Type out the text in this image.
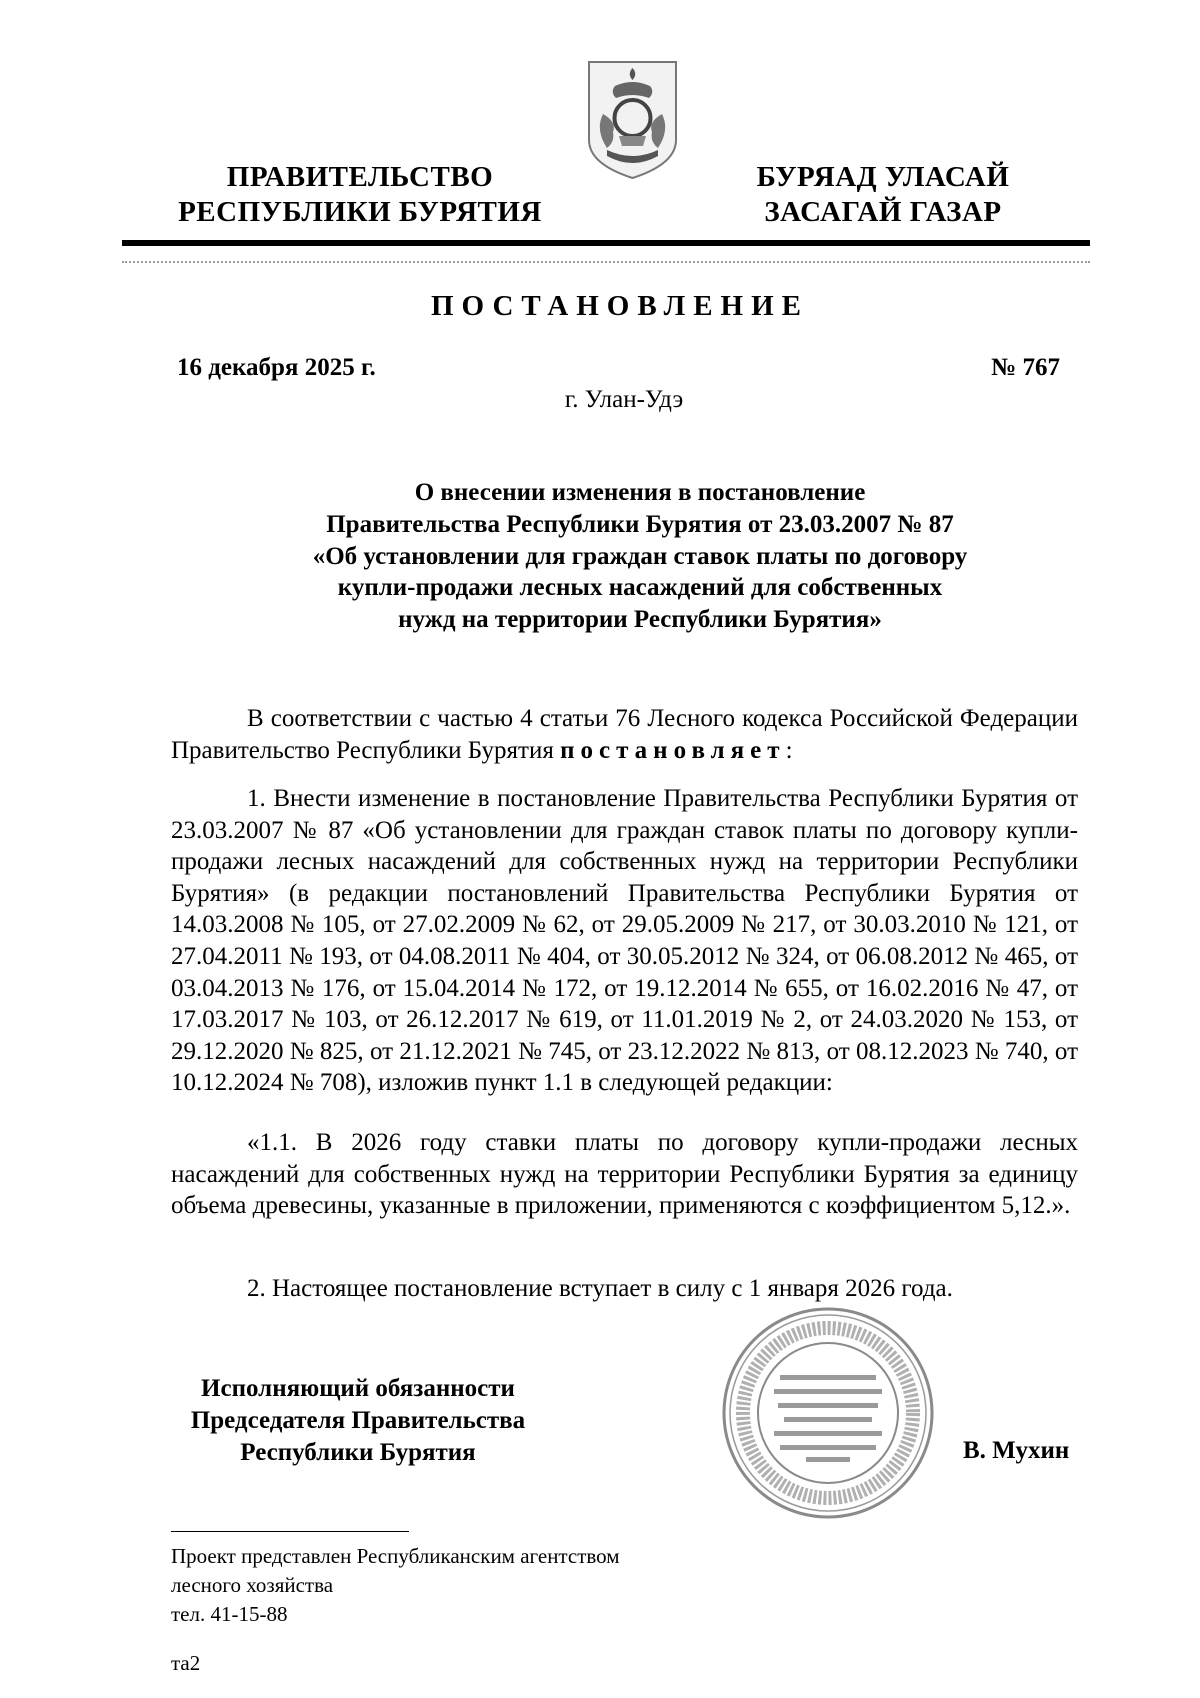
ПРАВИТЕЛЬСТВО
РЕСПУБЛИКИ БУРЯТИЯ
БУРЯАД УЛАСАЙ
ЗАСАГАЙ ГАЗАР
ПОСТАНОВЛЕНИЕ
16 декабря 2025 г.	№ 767
г. Улан-Удэ
О внесении изменения в постановление
Правительства Республики Бурятия от 23.03.2007 № 87
«Об установлении для граждан ставок платы по договору
купли-продажи лесных насаждений для собственных
нужд на территории Республики Бурятия»

В соответствии с частью 4 статьи 76 Лесного кодекса Российской Федерации Правительство Республики Бурятия постановляет:

1. Внести изменение в постановление Правительства Республики Бурятия от 23.03.2007 № 87 «Об установлении для граждан ставок платы по договору купли-продажи лесных насаждений для собственных нужд на территории Республики Бурятия» (в редакции постановлений Правительства Республики Бурятия от 14.03.2008 № 105, от 27.02.2009 № 62, от 29.05.2009 № 217, от 30.03.2010 № 121, от 27.04.2011 № 193, от 04.08.2011 № 404, от 30.05.2012 № 324, от 06.08.2012 № 465, от 03.04.2013 № 176, от 15.04.2014 № 172, от 19.12.2014 № 655, от 16.02.2016 № 47, от 17.03.2017 № 103, от 26.12.2017 № 619, от 11.01.2019 № 2, от 24.03.2020 № 153, от 29.12.2020 № 825, от 21.12.2021 № 745, от 23.12.2022 № 813, от 08.12.2023 № 740, от 10.12.2024 № 708), изложив пункт 1.1 в следующей редакции:

«1.1. В 2026 году ставки платы по договору купли-продажи лесных насаждений для собственных нужд на территории Республики Бурятия за единицу объема древесины, указанные в приложении, применяются с коэффициентом 5,12.».

2. Настоящее постановление вступает в силу с 1 января 2026 года.

Исполняющий обязанности
Председателя Правительства
Республики Бурятия	В. Мухин
Проект представлен Республиканским агентством
лесного хозяйства
тел. 41-15-88
та2
